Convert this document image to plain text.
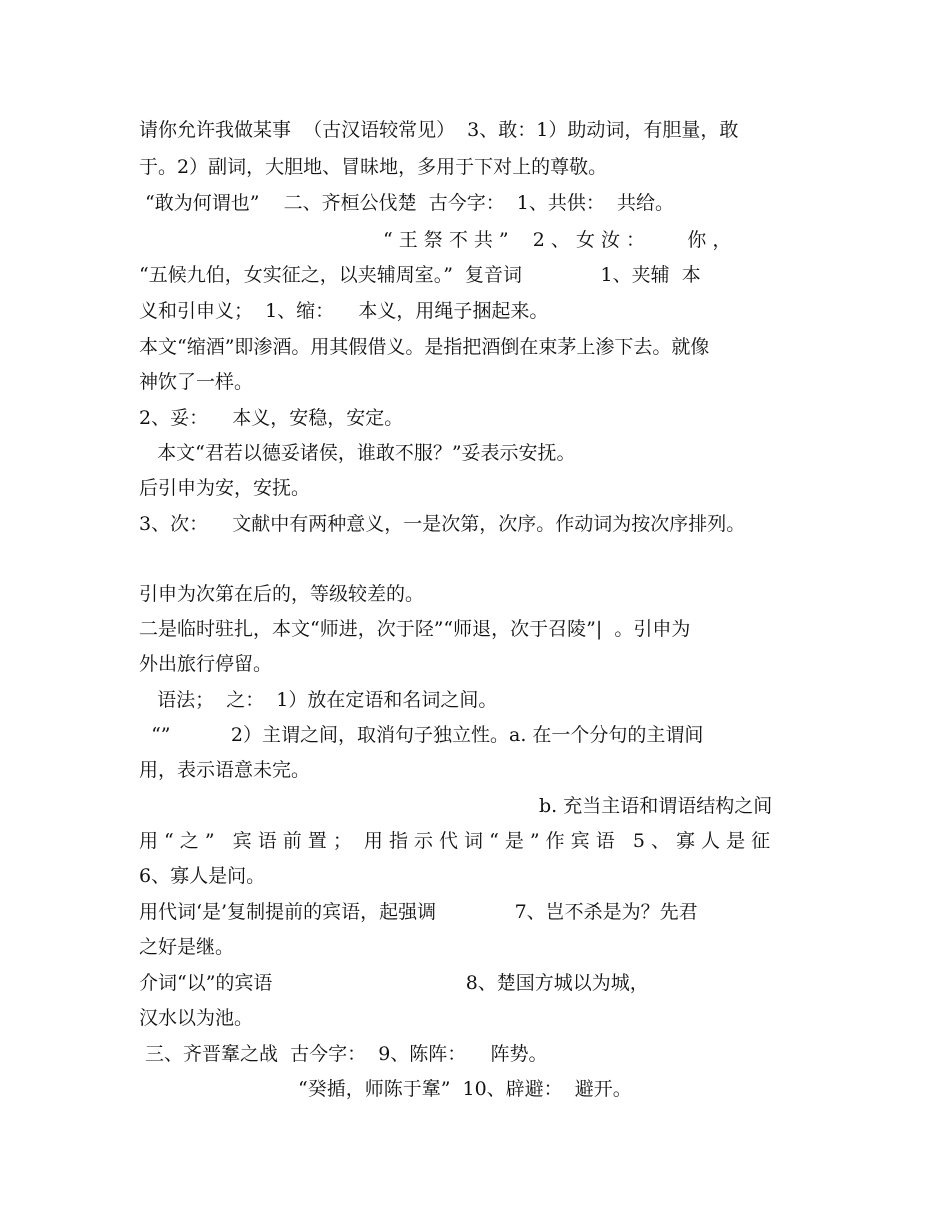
请你允许我做某事  （古汉语较常见）  3、敢：1）助动词，有胆量，敢
于。2）副词，大胆地、冒昧地，多用于下对上的尊敬。
“敢为何谓也”    二、齐桓公伐楚  古今字：  1、共供：  共给。
“ 王 祭 不 共 ”    2 、 女 汝 ：       你 ，
“五候九伯，女实征之，以夹辅周室。”  复音词             1、夹辅  本
义和引申义；  1、缩：    本义，用绳子捆起来。
本文“缩酒”即渗酒。用其假借义。是指把酒倒在束茅上渗下去。就像
神饮了一样。
2、妥：    本义，安稳，安定。
本文“君若以德妥诸侯，谁敢不服？”妥表示安抚。
后引申为安，安抚。
3、次：    文献中有两种意义，一是次第，次序。作动词为按次序排列。
引申为次第在后的，等级较差的。
二是临时驻扎，本文“师进，次于陉”“师退，次于召陵”|  。引申为
外出旅行停留。
语法；  之：  1）放在定语和名词之间。
“”          2）主谓之间，取消句子独立性。a. 在一个分句的主谓间
用，表示语意未完。
b. 充当主语和谓语结构之间
用 “ 之 ”   宾 语 前 置 ；  用 指 示 代 词 “ 是 ” 作 宾 语   5 、 寡 人 是 征
6、寡人是问。
用代词‘是’复制提前的宾语，起强调             7、岂不杀是为？先君
之好是继。
介词“以”的宾语                                8、楚国方城以为城，
汉水以为池。
三、齐晋鞌之战  古今字：  9、陈阵：    阵势。
“癸揗，师陈于鞌”  10、辟避：  避开。
